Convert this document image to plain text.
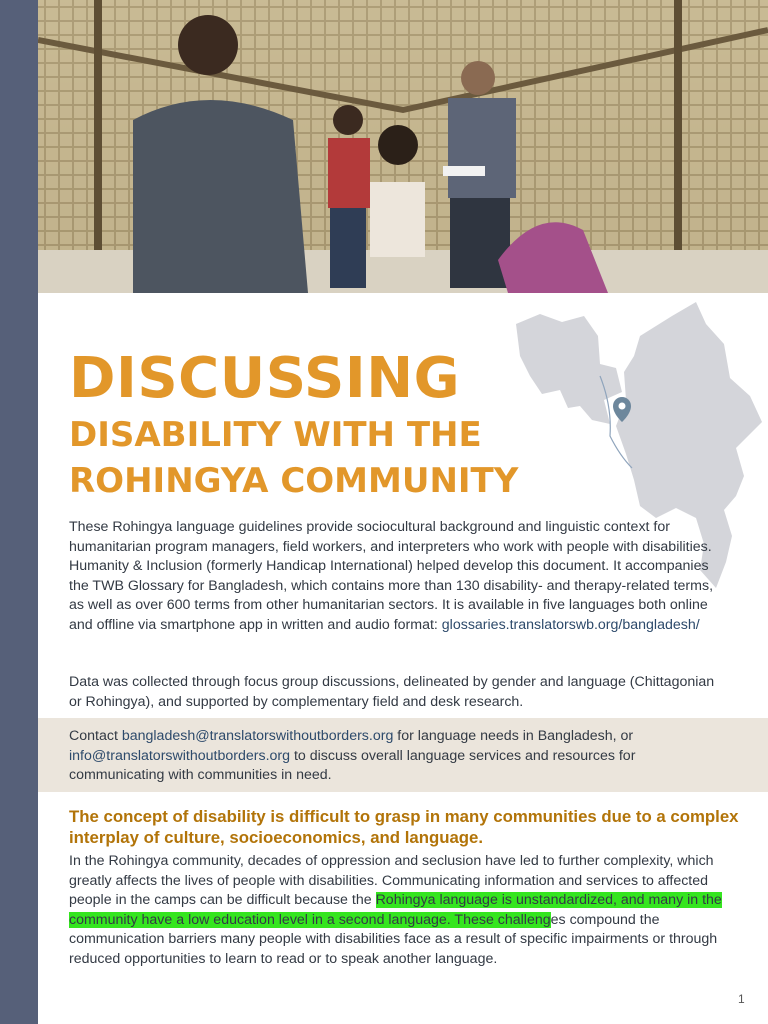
DISCUSSING
DISABILITY WITH THE
ROHINGYA COMMUNITY

These Rohingya language guidelines provide sociocultural background and linguistic context for humanitarian program managers, field workers, and interpreters who work with people with disabilities. Humanity & Inclusion (formerly Handicap International) helped develop this document. It accompanies the TWB Glossary for Bangladesh, which contains more than 130 disability- and therapy-related terms, as well as over 600 terms from other humanitarian sectors. It is available in five languages both online and offline via smartphone app in written and audio format: glossaries.translatorswb.org/bangladesh/

Data was collected through focus group discussions, delineated by gender and language (Chittagonian or Rohingya), and supported by complementary field and desk research.

Contact bangladesh@translatorswithoutborders.org for language needs in Bangladesh, or info@translatorswithoutborders.org to discuss overall language services and resources for communicating with communities in need.

The concept of disability is difficult to grasp in many communities due to a complex interplay of culture, socioeconomics, and language.

In the Rohingya community, decades of oppression and seclusion have led to further complexity, which greatly affects the lives of people with disabilities. Communicating information and services to affected people in the camps can be difficult because the Rohingya language is unstandardized, and many in the community have a low education level in a second language. These challenges compound the communication barriers many people with disabilities face as a result of specific impairments or through reduced opportunities to learn to read or to speak another language.

1
